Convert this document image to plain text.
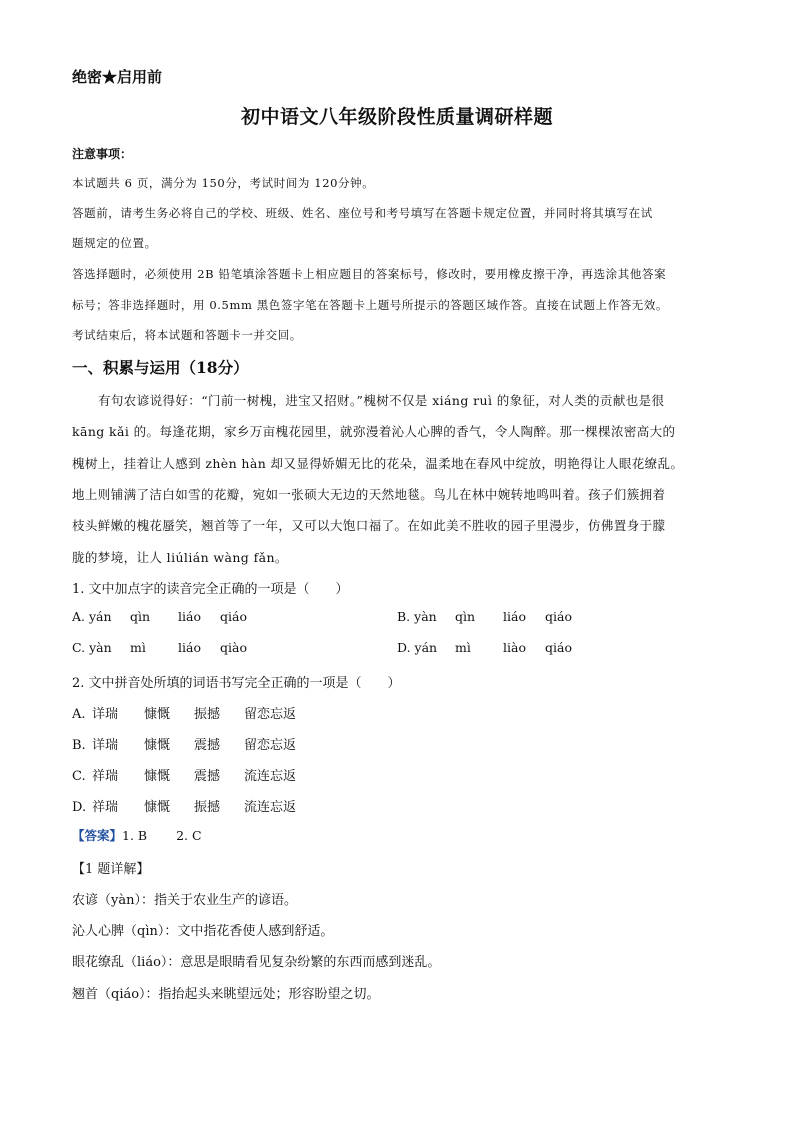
绝密★启用前
初中语文八年级阶段性质量调研样题
注意事项：
本试题共 6 页，满分为 150分，考试时间为 120分钟。
答题前，请考生务必将自己的学校、班级、姓名、座位号和考号填写在答题卡规定位置，并同时将其填写在试
题规定的位置。
答选择题时，必须使用 2B 铅笔填涂答题卡上相应题目的答案标号，修改时，要用橡皮擦干净，再选涂其他答案
标号；答非选择题时，用 0.5mm 黑色签字笔在答题卡上题号所提示的答题区域作答。直接在试题上作答无效。
考试结束后，将本试题和答题卡一并交回。
一、积累与运用（18分）
有句农谚说得好：“门前一树槐，进宝又招财。”槐树不仅是 xiáng ruì 的象征，对人类的贡献也是很
kāng kǎi 的。每逢花期，家乡万亩槐花园里，就弥漫着沁人心脾的香气，令人陶醉。那一棵棵浓密高大的
槐树上，挂着让人感到 zhèn hàn 却又显得娇媚无比的花朵，温柔地在春风中绽放，明艳得让人眼花缭乱。
地上则铺满了洁白如雪的花瓣，宛如一张硕大无边的天然地毯。鸟儿在林中婉转地鸣叫着。孩子们簇拥着
枝头鲜嫩的槐花蜃笑，翘首等了一年，又可以大饱口福了。在如此美不胜收的园子里漫步，仿佛置身于朦
胧的梦境，让人 liúlián wàng fǎn。
1. 文中加点字的读音完全正确的一项是（　　）
A. yán qìn liáo qiáo	B. yàn qìn liáo qiáo
C. yàn mì	liáo qiào	D. yán mì	liào qiáo
2. 文中拼音处所填的词语书写完全正确的一项是（　　）
A. 详瑞 慷慨 振撼 留恋忘返
B. 详瑞 慷慨 震撼 留恋忘返
C. 祥瑞 慷慨 震撼 流连忘返
D. 祥瑞 慷慨 振撼 流连忘返
【答案】1. B　　 2. C
【1 题详解】
农谚（yàn）：指关于农业生产的谚语。
沁人心脾（qìn）：文中指花香使人感到舒适。
眼花缭乱（liáo）：意思是眼睛看见复杂纷繁的东西而感到迷乱。
翘首（qiáo）：指抬起头来眺望远处；形容盼望之切。
